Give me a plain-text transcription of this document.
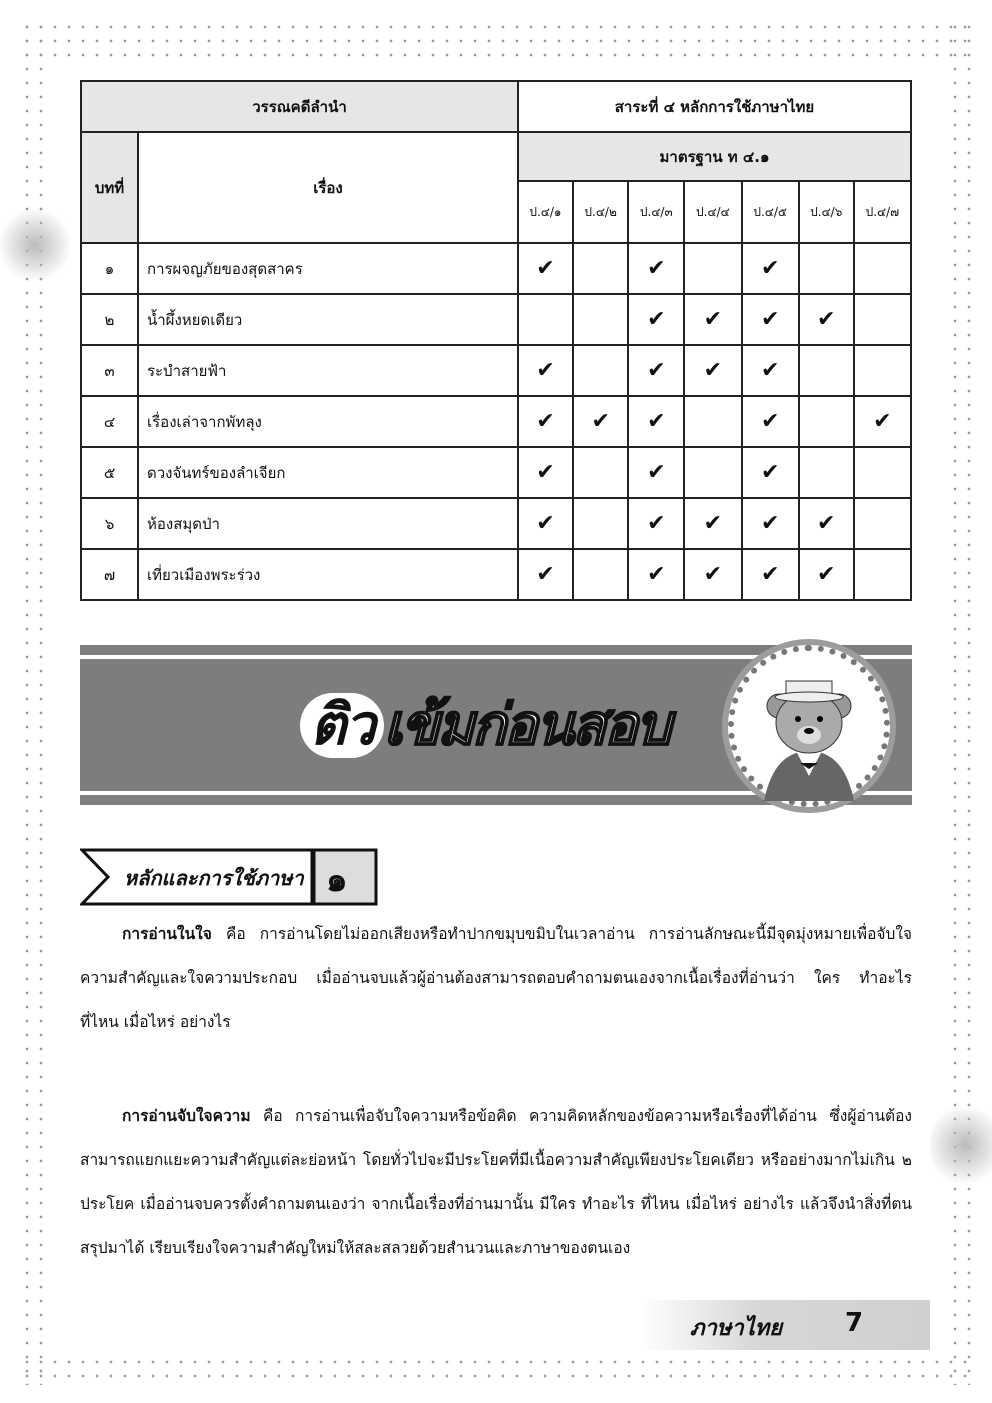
วรรณคดีลำนำ		สาระที่ ๔ หลักการใช้ภาษาไทย						
บทที่	เรื่อง	มาตรฐาน ท ๔.๑						
		ป.๔/๑	ป.๔/๒	ป.๔/๓	ป.๔/๔	ป.๔/๕	ป.๔/๖	ป.๔/๗
๑	การผจญภัยของสุดสาคร	✔		✔		✔		
๒	น้ำผึ้งหยดเดียว			✔	✔	✔	✔	
๓	ระบำสายฟ้า	✔		✔	✔	✔		
๔	เรื่องเล่าจากพัทลุง	✔	✔	✔		✔		✔
๕	ดวงจันทร์ของลำเจียก	✔		✔		✔		
๖	ห้องสมุดป่า	✔		✔	✔	✔	✔	
๗	เที่ยวเมืองพระร่วง	✔		✔	✔	✔	✔	
ติว เข้มก่อนสอบ
หลักและการใช้ภาษา ๑
การอ่านในใจ คือ การอ่านโดยไม่ออกเสียงหรือทำปากขมุบขมิบในเวลาอ่าน การอ่านลักษณะนี้มีจุดมุ่งหมายเพื่อจับใจความสำคัญและใจความประกอบ เมื่ออ่านจบแล้วผู้อ่านต้องสามารถตอบคำถามตนเองจากเนื้อเรื่องที่อ่านว่า ใคร ทำอะไร ที่ไหน เมื่อไหร่ อย่างไร
การอ่านจับใจความ คือ การอ่านเพื่อจับใจความหรือข้อคิด ความคิดหลักของข้อความหรือเรื่องที่ได้อ่าน ซึ่งผู้อ่านต้องสามารถแยกแยะความสำคัญแต่ละย่อหน้า โดยทั่วไปจะมีประโยคที่มีเนื้อความสำคัญเพียงประโยคเดียว หรืออย่างมากไม่เกิน ๒ ประโยค เมื่ออ่านจบควรตั้งคำถามตนเองว่า จากเนื้อเรื่องที่อ่านมานั้น มีใคร ทำอะไร ที่ไหน เมื่อไหร่ อย่างไร แล้วจึงนำสิ่งที่ตนสรุปมาได้ เรียบเรียงใจความสำคัญใหม่ให้สละสลวยด้วยสำนวนและภาษาของตนเอง
ภาษาไทย 7
